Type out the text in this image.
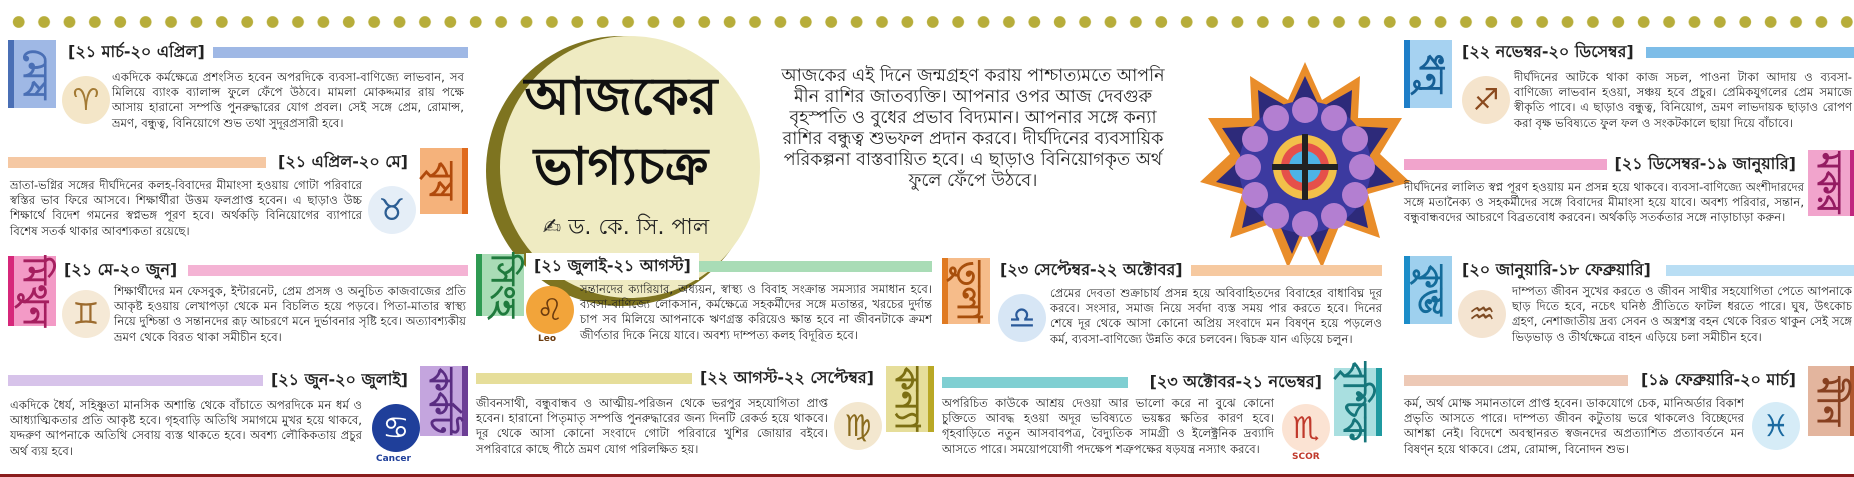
মেষ [২১ মার্চ-২০ এপ্রিল]
♈
একদিকে কর্মক্ষেত্রে প্রশংসিত হবেন অপরদিকে ব্যবসা-বাণিজ্যে লাভবান, সব মিলিয়ে ব্যাংক ব্যালান্স ফুলে ফেঁপে উঠবে। মামলা মোকদ্দমার রায় পক্ষে আসায় হারানো সম্পত্তি পুনরুদ্ধারের যোগ প্রবল। সেই সঙ্গে প্রেম, রোমান্স, ভ্রমণ, বন্ধুত্ব, বিনিয়োগে শুভ তথা সুদূরপ্রসারী হবে।
বৃষ
[২১ এপ্রিল-২০ মে]
♉
ভ্রাতা-ভগ্নির সঙ্গের দীর্ঘদিনের কলহ-বিবাদের মীমাংসা হওয়ায় গোটা পরিবারে স্বস্তির ভাব ফিরে আসবে। শিক্ষার্থীরা উত্তম ফলপ্রাপ্ত হবেন। এ ছাড়াও উচ্চ শিক্ষার্থে বিদেশ গমনের স্বপ্নভঙ্গ পূরণ হবে। অর্থকড়ি বিনিয়োগের ব্যাপারে বিশেষ সতর্ক থাকার আবশ্যকতা রয়েছে।
মিথুন [২১ মে-২০ জুন]
♊
শিক্ষার্থীদের মন ফেসবুক, ইন্টারনেট, প্রেম প্রসঙ্গ ও অনুচিত কাজবাজের প্রতি আকৃষ্ট হওয়ায় লেখাপড়া থেকে মন বিচলিত হয়ে পড়বে। পিতা-মাতার স্বাস্থ্য নিয়ে দুশ্চিন্তা ও সন্তানদের রূঢ় আচরণে মনে দুর্ভাবনার সৃষ্টি হবে। অত্যাবশ্যকীয় ভ্রমণ থেকে বিরত থাকা সমীচীন হবে।
কর্কট
[২১ জুন-২০ জুলাই]
♋
Cancer
একদিকে ধৈর্য, সহিষ্ণুতা মানসিক অশান্তি থেকে বাঁচাতে অপরদিকে মন ধর্ম ও আধ্যাত্মিকতার প্রতি আকৃষ্ট হবে। গৃহবাড়ি অতিথি সমাগমে মুখর হয়ে থাকবে, যদ্দরুণ আপনাকে অতিথি সেবায় ব্যস্ত থাকতে হবে। অবশ্য লৌকিকতায় প্রচুর অর্থ ব্যয় হবে।
আজকের
ভাগ্যচক্র
✍ ড. কে. সি. পাল
আজকের এই দিনে জন্মগ্রহণ করায় পাশ্চাত্যমতে আপনি মীন রাশির জাতব্যক্তি। আপনার ওপর আজ দেবগুরু বৃহস্পতি ও বুধের প্রভাব বিদ্যমান। আপনার সঙ্গে কন্যা রাশির বন্ধুত্ব শুভফল প্রদান করবে। দীর্ঘদিনের ব্যবসায়িক পরিকল্পনা বাস্তবায়িত হবে। এ ছাড়াও বিনিয়োগকৃত অর্থ ফুলে ফেঁপে উঠবে।
সিংহ [২১ জুলাই-২১ আগস্ট]
♌
Leo
সন্তানদের ক্যারিয়ার, অধ্যয়ন, স্বাস্থ্য ও বিবাহ সংক্রান্ত সমস্যার সমাধান হবে। ব্যবসা-বাণিজ্যে লোকসান, কর্মক্ষেত্রে সহকর্মীদের সঙ্গে মতান্তর, খরচের দুর্দান্ত চাপ সব মিলিয়ে আপনাকে ঋণগ্রস্ত করিয়েও ক্ষান্ত হবে না জীবনটাকে ক্রমশ জীর্ণতার দিকে নিয়ে যাবে। অবশ্য দাম্পত্য কলহ বিদূরিত হবে।
কন্যা
[২২ আগস্ট-২২ সেপ্টেম্বর]
♍
জীবনসাথী, বন্ধুবান্ধব ও আত্মীয়-পরিজন থেকে ভরপুর সহযোগিতা প্রাপ্ত হবেন। হারানো পিতৃমাতৃ সম্পত্তি পুনরুদ্ধারের জন্য দিনটি রেকর্ড হয়ে থাকবে। দূর থেকে আসা কোনো সংবাদে গোটা পরিবারে খুশির জোয়ার বইবে। সপরিবারে কাছে পীঠে ভ্রমণ যোগ পরিলক্ষিত হয়।
তুলা [২৩ সেপ্টেম্বর-২২ অক্টোবর]
♎
প্রেমের দেবতা শুক্রাচার্য প্রসন্ন হয়ে অবিবাহিতদের বিবাহের বাধাবিঘ্ন দূর করবে। সংসার, সমাজ নিয়ে সর্বদা ব্যস্ত সময় পার করতে হবে। দিনের শেষে দূর থেকে আসা কোনো অপ্রিয় সংবাদে মন বিষণ্ন হয়ে পড়লেও কর্ম, ব্যবসা-বাণিজ্যে উন্নতি করে চলবেন। দ্বিচক্র যান এড়িয়ে চলুন।
বৃশ্চিক
[২৩ অক্টোবর-২১ নভেম্বর]
♏
SCOR
অপরিচিত কাউকে আশ্রয় দেওয়া আর ভালো করে না বুঝে কোনো চুক্তিতে আবদ্ধ হওয়া অদূর ভবিষ্যতে ভয়ঙ্কর ক্ষতির কারণ হবে। গৃহবাড়িতে নতুন আসবাবপত্র, বৈদ্যুতিক সামগ্রী ও ইলেক্ট্রনিক দ্রব্যাদি আসতে পারে। সময়োপযোগী পদক্ষেপ শত্রুপক্ষের ষড়যন্ত্র নস্যাৎ করবে।
ধনু
[২২ নভেম্বর-২০ ডিসেম্বর]
♐
দীর্ঘদিনের আটকে থাকা কাজ সচল, পাওনা টাকা আদায় ও ব্যবসা-বাণিজ্যে লাভবান হওয়া, সঞ্চয় হবে প্রচুর। প্রেমিকযুগলের প্রেম সমাজে স্বীকৃতি পাবে। এ ছাড়াও বন্ধুত্ব, বিনিয়োগ, ভ্রমণ লাভদায়ক ছাড়াও রোপণ করা বৃক্ষ ভবিষ্যতে ফুল ফল ও সংকটকালে ছায়া দিয়ে বাঁচাবে।
মকর
[২১ ডিসেম্বর-১৯ জানুয়ারি]
দীর্ঘদিনের লালিত স্বপ্ন পূরণ হওয়ায় মন প্রসন্ন হয়ে থাকবে। ব্যবসা-বাণিজ্যে অংশীদারদের সঙ্গে মতানৈক্য ও সহকর্মীদের সঙ্গে বিবাদের মীমাংসা হয়ে যাবে। অবশ্য পরিবার, সন্তান, বন্ধুবান্ধবদের আচরণে বিব্রতবোধ করবেন। অর্থকড়ি সতর্কতার সঙ্গে নাড়াচাড়া করুন।
কুম্ভ [২০ জানুয়ারি-১৮ ফেব্রুয়ারি]
♒
দাম্পত্য জীবন সুখের করতে ও জীবন সাথীর সহযোগিতা পেতে আপনাকে ছাড় দিতে হবে, নচেৎ ঘনিষ্ঠ প্রীতিতে ফাটল ধরতে পারে। ঘুষ, উৎকোচ গ্রহণ, নেশাজাতীয় দ্রব্য সেবন ও অস্ত্রশস্ত্র বহন থেকে বিরত থাকুন সেই সঙ্গে ভিড়ভাড় ও তীর্থক্ষেত্রে বাহন এড়িয়ে চলা সমীচীন হবে।
মীন
[১৯ ফেব্রুয়ারি-২০ মার্চ]
♓
কর্ম, অর্থ মোক্ষ সমানতালে প্রাপ্ত হবেন। ডাকযোগে চেক, মানিঅর্ডার বিকাশ প্রভৃতি আসতে পারে। দাম্পত্য জীবন কটুতায় ভরে থাকলেও বিচ্ছেদের আশঙ্কা নেই। বিদেশে অবস্থানরত স্বজনদের অপ্রত্যাশিত প্রত্যাবর্তনে মন বিষণ্ন হয়ে থাকবে। প্রেম, রোমান্স, বিনোদন শুভ।
